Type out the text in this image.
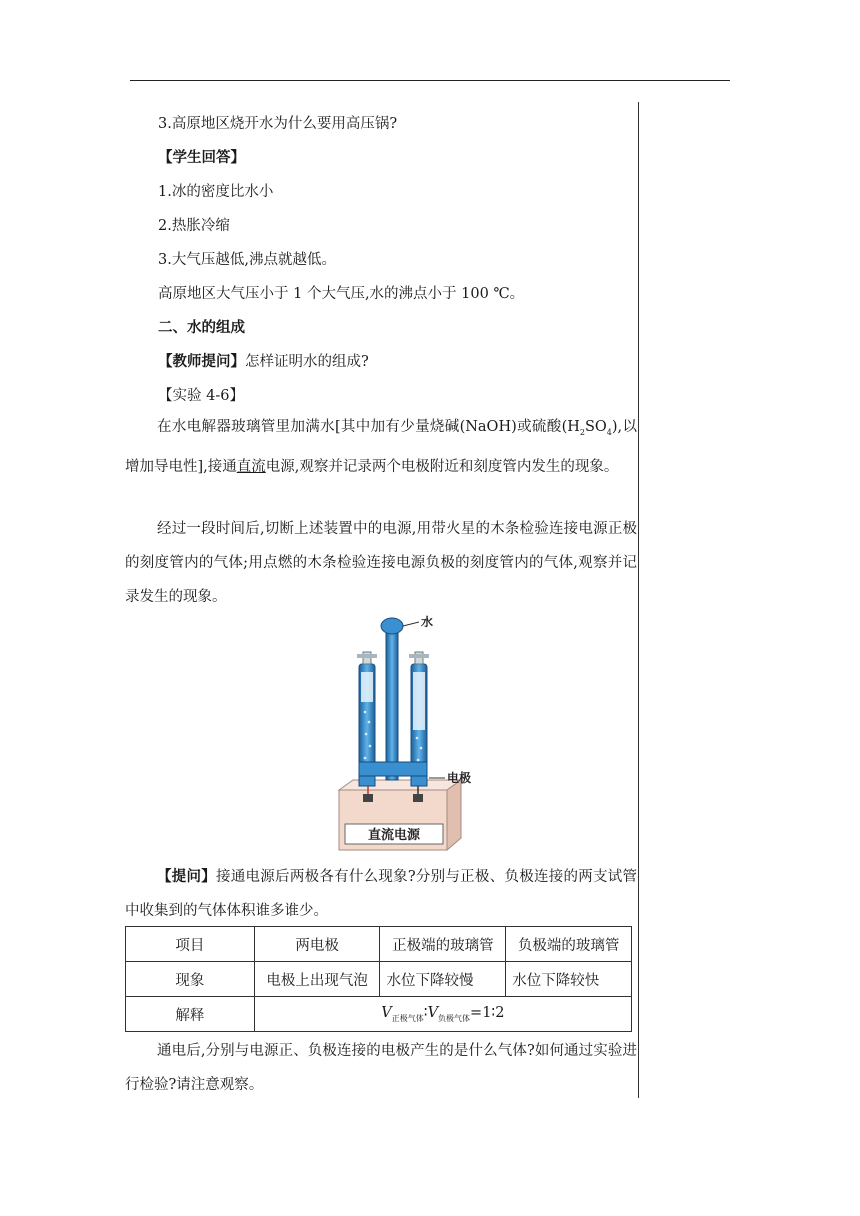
3.高原地区烧开水为什么要用高压锅?
【学生回答】
1.冰的密度比水小
2.热胀冷缩
3.大气压越低,沸点就越低。
高原地区大气压小于 1 个大气压,水的沸点小于 100 ℃。
二、水的组成
【教师提问】怎样证明水的组成?
【实验 4-6】
在水电解器玻璃管里加满水[其中加有少量烧碱(NaOH)或硫酸$(H_2SO_4)$,以增加导电性],接通直流电源,观察并记录两个电极附近和刻度管内发生的现象。
经过一段时间后,切断上述装置中的电源,用带火星的木条检验连接电源正极的刻度管内的气体;用点燃的木条检验连接电源负极的刻度管内的气体,观察并记录发生的现象。
直流电源
水
电极
【提问】接通电源后两极各有什么现象?分别与正极、负极连接的两支试管中收集到的气体体积谁多谁少。
项目	两电极	正极端的玻璃管	负极端的玻璃管
现象	电极上出现气泡	水位下降较慢	水位下降较快
解释	$V_{正极气体}∶V_{负极气体}=1∶2$		
通电后,分别与电源正、负极连接的电极产生的是什么气体?如何通过实验进行检验?请注意观察。
